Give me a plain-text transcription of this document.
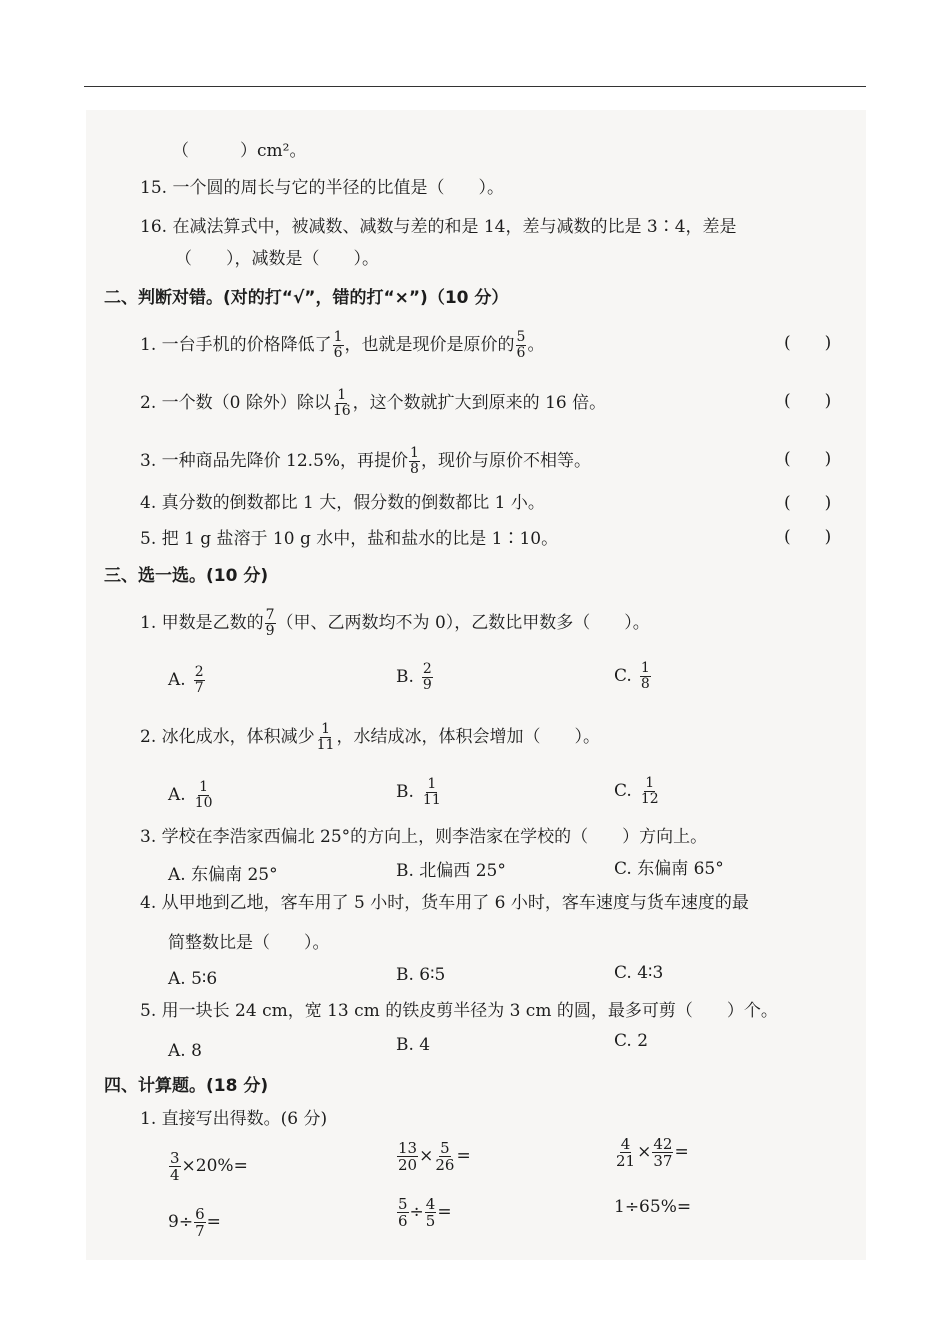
（　　　）cm²。
15. 一个圆的周长与它的半径的比值是（　　）。
16. 在减法算式中，被减数、减数与差的和是 14，差与减数的比是 3∶4，差是
（　　），减数是（　　）。
二、判断对错。(对的打“√”，错的打“×”)（10 分）
1. 一台手机的价格降低了 $\frac{1}{6}$ ，也就是现价是原价的 $\frac{5}{6}$ 。	(　　)
2. 一个数（0 除外）除以 $\frac{1}{16}$ ，这个数就扩大到原来的 16 倍。	(　　)
3. 一种商品先降价 12.5%，再提价 $\frac{1}{8}$ ，现价与原价不相等。	(　　)
4. 真分数的倒数都比 1 大，假分数的倒数都比 1 小。	(　　)
5. 把 1 g 盐溶于 10 g 水中，盐和盐水的比是 1∶10。	(　　)
三、选一选。(10 分)
1. 甲数是乙数的 $\frac{7}{9}$ （甲、乙两数均不为 0），乙数比甲数多（　　）。
A. $\frac{2}{7}$	B. $\frac{2}{9}$	C. $\frac{1}{8}$
2. 冰化成水，体积减少 $\frac{1}{11}$ ，水结成冰，体积会增加（　　）。
A. $\frac{1}{10}$	B. $\frac{1}{11}$	C. $\frac{1}{12}$
3. 学校在李浩家西偏北 25°的方向上，则李浩家在学校的（　　）方向上。
A. 东偏南 25°	B. 北偏西 25°	C. 东偏南 65°
4. 从甲地到乙地，客车用了 5 小时，货车用了 6 小时，客车速度与货车速度的最
简整数比是（　　）。
A. 5∶6	B. 6∶5	C. 4∶3
5. 用一块长 24 cm，宽 13 cm 的铁皮剪半径为 3 cm 的圆，最多可剪（　　）个。
A. 8	B. 4	C. 2
四、计算题。(18 分)
1. 直接写出得数。(6 分)
$\frac{3}{4} \times 20\%=$	$\frac{13}{20} \times \frac{5}{26}$ =	$\frac{4}{21} \times \frac{42}{37}$ =
$9\div \frac{6}{7}$ =	$\frac{5}{6} \div \frac{4}{5}$ =	1÷65%=
